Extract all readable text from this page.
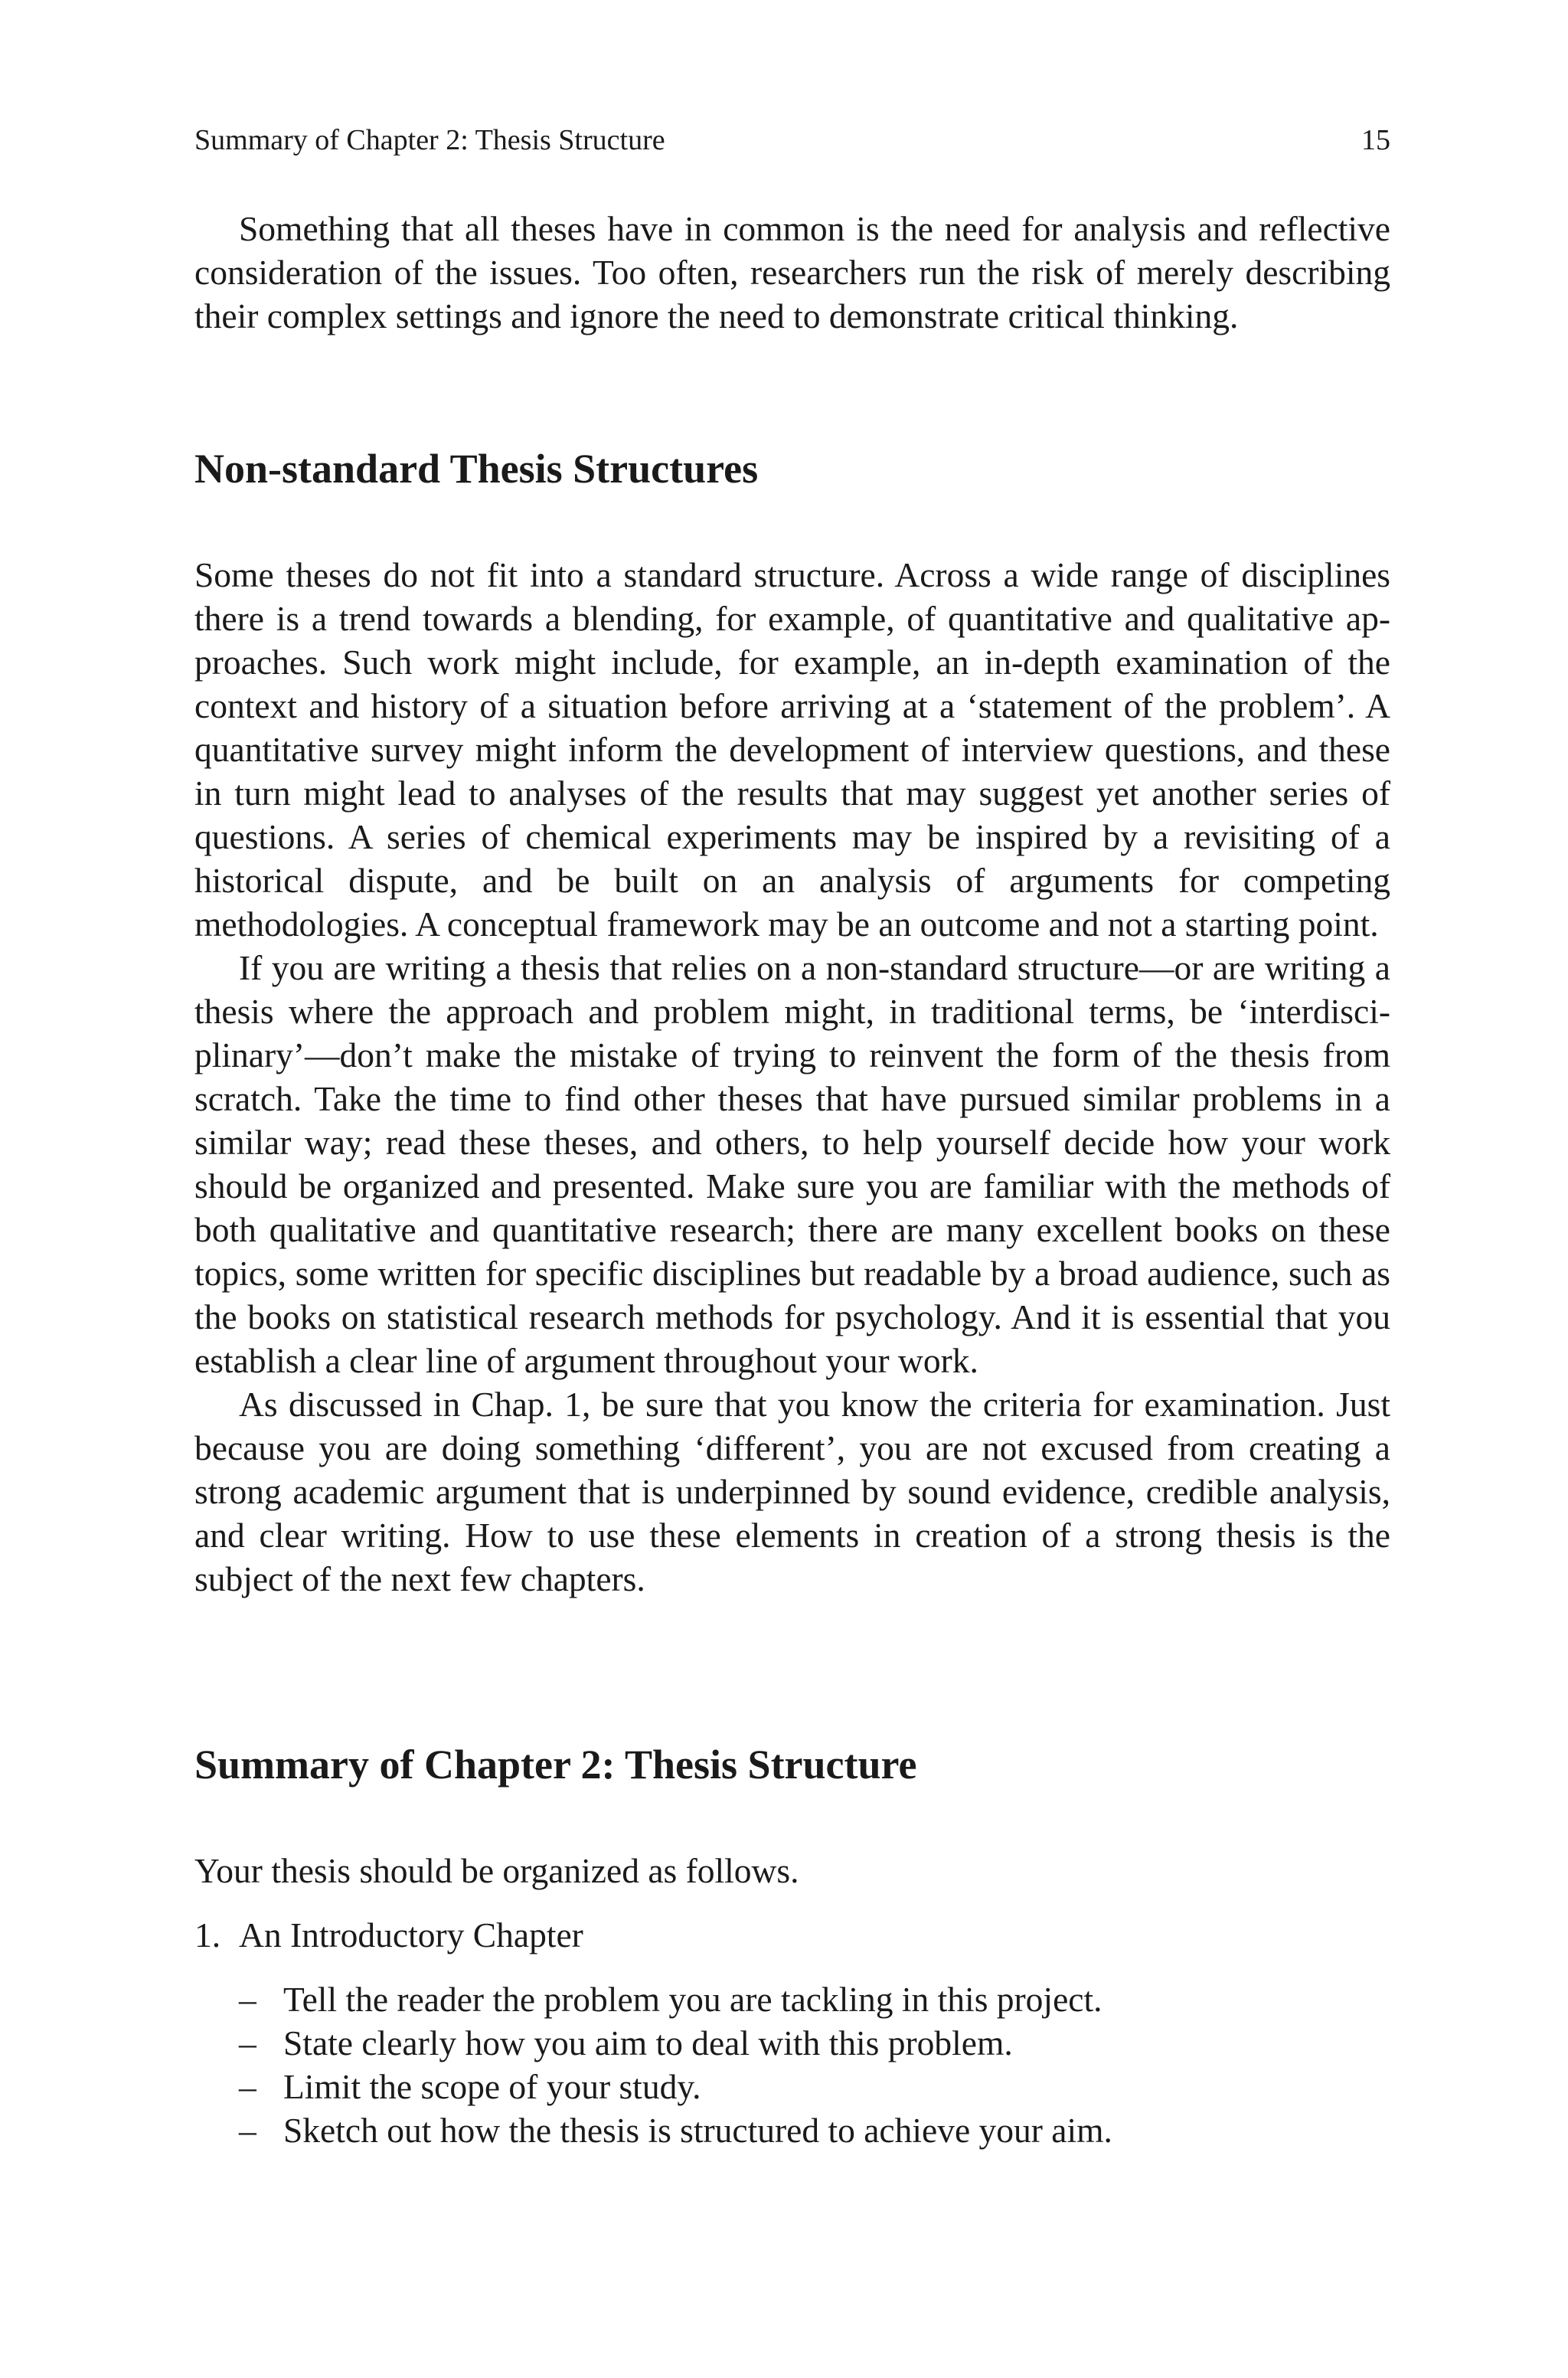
Summary of Chapter 2: Thesis Structure	15

Something that all theses have in common is the need for analysis and reflective consideration of the issues. Too often, researchers run the risk of merely describing their complex settings and ignore the need to demonstrate critical thinking.

Non-standard Thesis Structures

Some theses do not fit into a standard structure. Across a wide range of disciplines there is a trend towards a blending, for example, of quantitative and qualitative approaches. Such work might include, for example, an in-depth examination of the context and history of a situation before arriving at a ‘statement of the problem’. A quantitative survey might inform the development of interview questions, and these in turn might lead to analyses of the results that may suggest yet another series of questions. A series of chemical experiments may be inspired by a revisiting of a historical dispute, and be built on an analysis of arguments for competing methodologies. A conceptual framework may be an outcome and not a starting point.

If you are writing a thesis that relies on a non-standard structure—or are writing a thesis where the approach and problem might, in traditional terms, be ‘interdisciplinary’—don’t make the mistake of trying to reinvent the form of the thesis from scratch. Take the time to find other theses that have pursued similar problems in a similar way; read these theses, and others, to help yourself decide how your work should be organized and presented. Make sure you are familiar with the methods of both qualitative and quantitative research; there are many excellent books on these topics, some written for specific disciplines but readable by a broad audience, such as the books on statistical research methods for psychology. And it is essential that you establish a clear line of argument throughout your work.

As discussed in Chap. 1, be sure that you know the criteria for examination. Just because you are doing something ‘different’, you are not excused from creating a strong academic argument that is underpinned by sound evidence, credible analysis, and clear writing. How to use these elements in creation of a strong thesis is the subject of the next few chapters.

Summary of Chapter 2: Thesis Structure

Your thesis should be organized as follows.

1. An Introductory Chapter
– Tell the reader the problem you are tackling in this project.
– State clearly how you aim to deal with this problem.
– Limit the scope of your study.
– Sketch out how the thesis is structured to achieve your aim.
